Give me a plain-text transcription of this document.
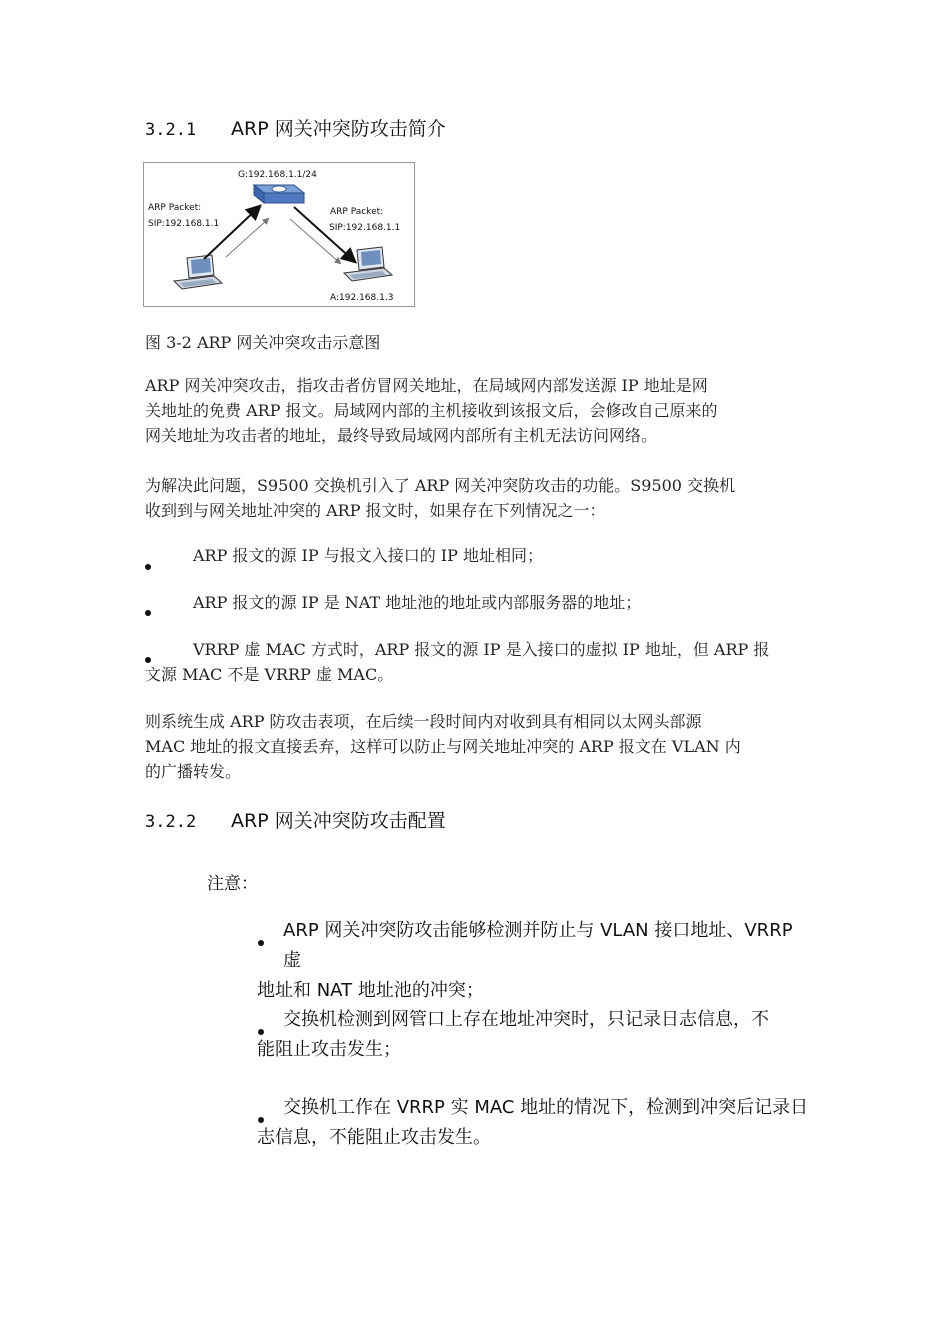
3.2.1 ARP 网关冲突防攻击简介
G:192.168.1.1/24
ARP Packet:
SIP:192.168.1.1
ARP Packet:
SIP:192.168.1.1
A:192.168.1.3
图 3-2 ARP 网关冲突攻击示意图
ARP 网关冲突攻击，指攻击者仿冒网关地址，在局域网内部发送源 IP 地址是网
关地址的免费 ARP 报文。局域网内部的主机接收到该报文后，会修改自己原来的
网关地址为攻击者的地址，最终导致局域网内部所有主机无法访问网络。
为解决此问题，S9500 交换机引入了 ARP 网关冲突防攻击的功能。S9500 交换机
收到到与网关地址冲突的 ARP 报文时，如果存在下列情况之一：
ARP 报文的源 IP 与报文入接口的 IP 地址相同；
ARP 报文的源 IP 是 NAT 地址池的地址或内部服务器的地址；
VRRP 虚 MAC 方式时，ARP 报文的源 IP 是入接口的虚拟 IP 地址，但 ARP 报
文源 MAC 不是 VRRP 虚 MAC。
则系统生成 ARP 防攻击表项，在后续一段时间内对收到具有相同以太网头部源
MAC 地址的报文直接丢弃，这样可以防止与网关地址冲突的 ARP 报文在 VLAN 内
的广播转发。
3.2.2 ARP 网关冲突防攻击配置
注意：
ARP 网关冲突防攻击能够检测并防止与 VLAN 接口地址、VRRP 虚
地址和 NAT 地址池的冲突；
交换机检测到网管口上存在地址冲突时，只记录日志信息，不
能阻止攻击发生；
交换机工作在 VRRP 实 MAC 地址的情况下，检测到冲突后记录日
志信息，不能阻止攻击发生。
